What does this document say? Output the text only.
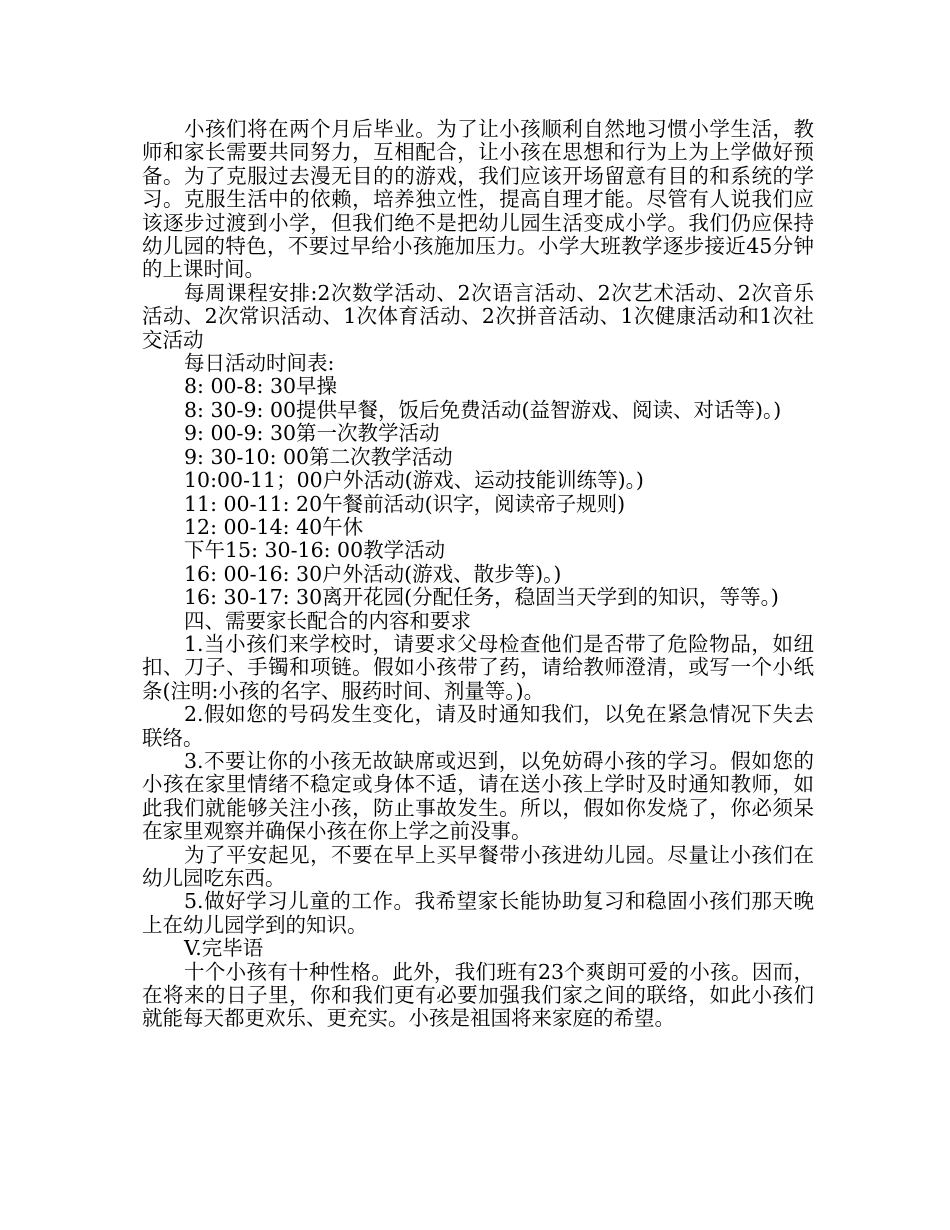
小孩们将在两个月后毕业。为了让小孩顺利自然地习惯小学生活，教师和家长需要共同努力，互相配合，让小孩在思想和行为上为上学做好预备。为了克服过去漫无目的的游戏，我们应该开场留意有目的和系统的学习。克服生活中的依赖，培养独立性，提高自理才能。尽管有人说我们应该逐步过渡到小学，但我们绝不是把幼儿园生活变成小学。我们仍应保持幼儿园的特色，不要过早给小孩施加压力。小学大班教学逐步接近45分钟的上课时间。

每周课程安排:2次数学活动、2次语言活动、2次艺术活动、2次音乐活动、2次常识活动、1次体育活动、2次拼音活动、1次健康活动和1次社交活动

每日活动时间表:

8: 00-8: 30早操

8: 30-9: 00提供早餐，饭后免费活动(益智游戏、阅读、对话等)。)

9: 00-9: 30第一次教学活动

9: 30-10: 00第二次教学活动

10:00-11；00户外活动(游戏、运动技能训练等)。)

11: 00-11: 20午餐前活动(识字，阅读帝子规则)

12: 00-14: 40午休

下午15: 30-16: 00教学活动

16: 00-16: 30户外活动(游戏、散步等)。)

16: 30-17: 30离开花园(分配任务，稳固当天学到的知识，等等。)

四、需要家长配合的内容和要求

1.当小孩们来学校时，请要求父母检查他们是否带了危险物品，如纽扣、刀子、手镯和项链。假如小孩带了药，请给教师澄清，或写一个小纸条(注明:小孩的名字、服药时间、剂量等。)。

2.假如您的号码发生变化，请及时通知我们，以免在紧急情况下失去联络。

3.不要让你的小孩无故缺席或迟到，以免妨碍小孩的学习。假如您的小孩在家里情绪不稳定或身体不适，请在送小孩上学时及时通知教师，如此我们就能够关注小孩，防止事故发生。所以，假如你发烧了，你必须呆在家里观察并确保小孩在你上学之前没事。

为了平安起见，不要在早上买早餐带小孩进幼儿园。尽量让小孩们在幼儿园吃东西。

5.做好学习儿童的工作。我希望家长能协助复习和稳固小孩们那天晚上在幼儿园学到的知识。

V.完毕语

十个小孩有十种性格。此外，我们班有23个爽朗可爱的小孩。因而，在将来的日子里，你和我们更有必要加强我们家之间的联络，如此小孩们就能每天都更欢乐、更充实。小孩是祖国将来家庭的希望。
